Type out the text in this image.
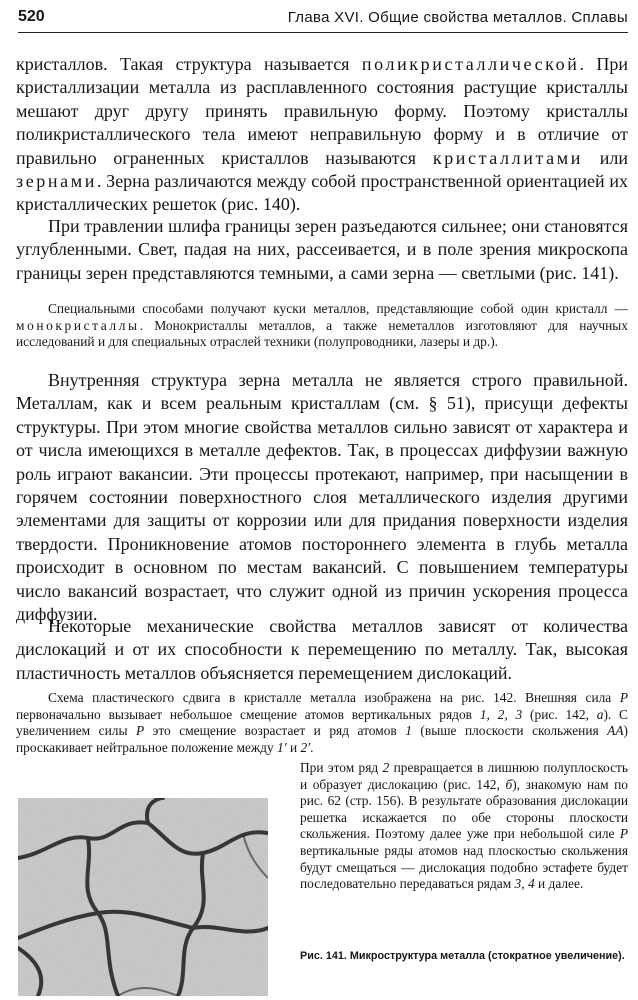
520	Глава XVI. Общие свойства металлов. Сплавы

кристаллов. Такая структура называется поликристаллической. При кристаллизации металла из расплавленного состояния растущие кристаллы мешают друг другу принять правильную форму. Поэтому кристаллы поликристаллического тела имеют неправильную форму и в отличие от правильно ограненных кристаллов называются кристаллитами или зернами. Зерна различаются между собой пространственной ориентацией их кристаллических решеток (рис. 140).

При травлении шлифа границы зерен разъедаются сильнее; они становятся углубленными. Свет, падая на них, рассеивается, и в поле зрения микроскопа границы зерен представляются темными, а сами зерна — светлыми (рис. 141).

Специальными способами получают куски металлов, представляющие собой один кристалл — монокристаллы. Монокристаллы металлов, а также неметаллов изготовляют для научных исследований и для специальных отраслей техники (полупроводники, лазеры и др.).

Внутренняя структура зерна металла не является строго правильной. Металлам, как и всем реальным кристаллам (см. § 51), присущи дефекты структуры. При этом многие свойства металлов сильно зависят от характера и от числа имеющихся в металле дефектов. Так, в процессах диффузии важную роль играют вакансии. Эти процессы протекают, например, при насыщении в горячем состоянии поверхностного слоя металлического изделия другими элементами для защиты от коррозии или для придания поверхности изделия твердости. Проникновение атомов постороннего элемента в глубь металла происходит в основном по местам вакансий. С повышением температуры число вакансий возрастает, что служит одной из причин ускорения процесса диффузии.

Некоторые механические свойства металлов зависят от количества дислокаций и от их способности к перемещению по металлу. Так, высокая пластичность металлов объясняется перемещением дислокаций.

Схема пластического сдвига в кристалле металла изображена на рис. 142. Внешняя сила P первоначально вызывает небольшое смещение атомов вертикальных рядов 1, 2, 3 (рис. 142, а). С увеличением силы P это смещение возрастает и ряд атомов 1 (выше плоскости скольжения AA) проскакивает нейтральное положение между 1′ и 2′.

При этом ряд 2 превращается в лишнюю полуплоскость и образует дислокацию (рис. 142, б), знакомую нам по рис. 62 (стр. 156). В результате образования дислокации решетка искажается по обе стороны плоскости скольжения. Поэтому далее уже при небольшой силе P вертикальные ряды атомов над плоскостью скольжения будут смещаться — дислокация подобно эстафете будет последовательно передаваться рядам 3, 4 и далее.

Рис. 141. Микроструктура металла (стократное увеличение).
